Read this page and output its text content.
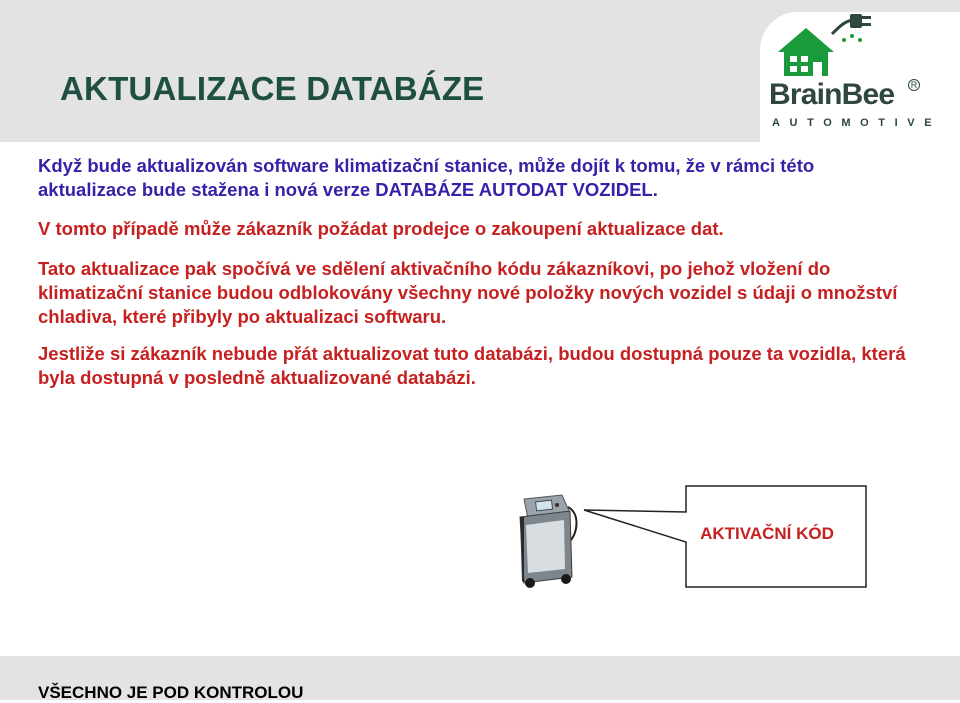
AKTUALIZACE DATABÁZE	BrainBee	R
AUTOMOTIVE

Když bude aktualizován software klimatizační stanice, může dojít k tomu, že v rámci této aktualizace bude stažena i nová verze DATABÁZE AUTODAT VOZIDEL.

V tomto případě může zákazník požádat prodejce o zakoupení aktualizace dat.

Tato aktualizace pak spočívá ve sdělení aktivačního kódu zákazníkovi, po jehož vložení do klimatizační stanice budou odblokovány všechny nové položky nových vozidel s údaji o množství chladiva, které přibyly po aktualizaci softwaru.

Jestliže si zákazník nebude přát aktualizovat tuto databázi, budou dostupná pouze ta vozidla, která byla dostupná v posledně aktualizované databázi.

AKTIVAČNÍ KÓD
VŠECHNO JE POD KONTROLOU
